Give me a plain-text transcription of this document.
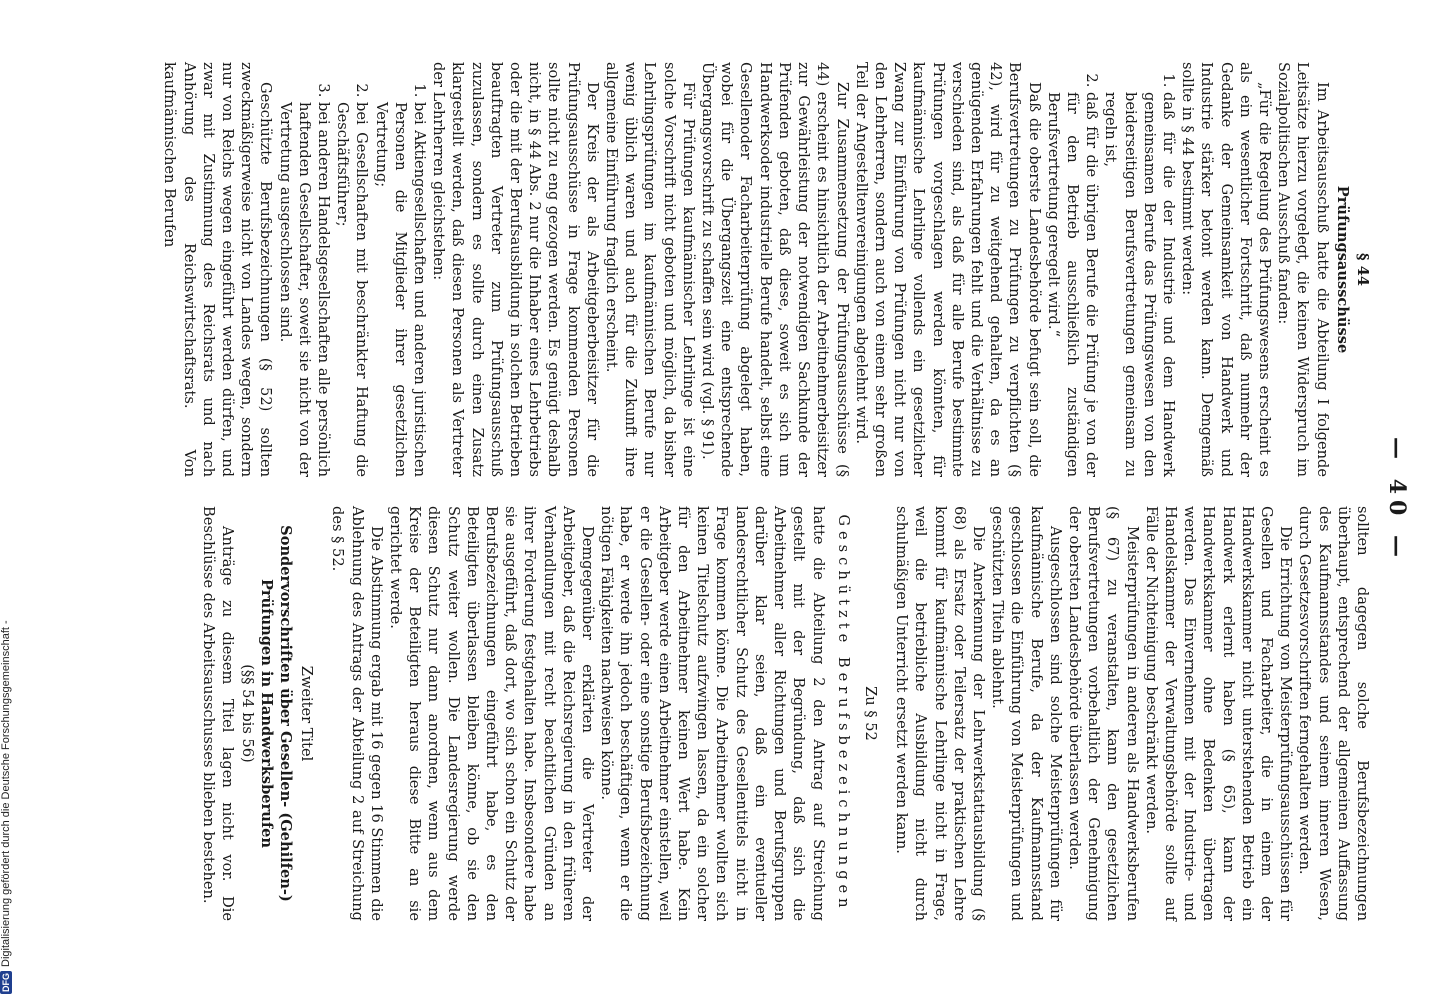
— 40 —
§ 44
Prüfungsausschüsse

Im Arbeitsausschuß hatte die Abteilung I folgende Leitsätze hierzu vorgelegt, die keinen Widerspruch im Sozialpolitischen Ausschuß fanden:

„Für die Regelung des Prüfungswesens erscheint es als ein wesentlicher Fortschritt, daß nunmehr der Gedanke der Gemeinsamkeit von Handwerk und Industrie stärker betont werden kann. Demgemäß sollte in § 44 bestimmt werden:

1. daß für die der Industrie und dem Handwerk gemeinsamen Berufe das Prüfungswesen von den beiderseitigen Berufsvertretungen gemeinsam zu regeln ist,
2. daß für die übrigen Berufe die Prüfung je von der für den Betrieb ausschließlich zuständigen Berufsvertretung geregelt wird.“

Daß die oberste Landesbehörde befugt sein soll, die Berufsvertretungen zu Prüfungen zu verpflichten (§ 42), wird für zu weitgehend gehalten, da es an genügenden Erfahrungen fehlt und die Verhältnisse zu verschieden sind, als daß für alle Berufe bestimmte Prüfungen vorgeschlagen werden könnten, für kaufmännische Lehrlinge vollends ein gesetzlicher Zwang zur Einführung von Prüfungen nicht nur von den Lehrherren, sondern auch von einem sehr großen Teil der Angestelltenvereinigungen abgelehnt wird.

Zur Zusammensetzung der Prüfungsausschüsse (§ 44) erscheint es hinsichtlich der Arbeitnehmerbeisitzer zur Gewährleistung der notwendigen Sachkunde der Prüfenden geboten, daß diese, soweit es sich um Handwerksoder industrielle Berufe handelt, selbst eine Gesellenoder Facharbeiterprüfung abgelegt haben, wobei für die Übergangszeit eine entsprechende Übergangsvorschrift zu schaffen sein wird (vgl. § 91).

Für Prüfungen kaufmännischer Lehrlinge ist eine solche Vorschrift nicht geboten und möglich, da bisher Lehrlingsprüfungen im kaufmännischen Berufe nur wenig üblich waren und auch für die Zukunft ihre allgemeine Einführung fraglich erscheint.

Der Kreis der als Arbeitgeberbeisitzer für die Prüfungsausschüsse in Frage kommenden Personen sollte nicht zu eng gezogen werden. Es genügt deshalb nicht, in § 44 Abs. 2 nur die Inhaber eines Lehrbetriebs oder die mit der Berufsausbildung in solchen Betrieben beauftragten Vertreter zum Prüfungsausschuß zuzulassen, sondern es sollte durch einen Zusatz klargestellt werden, daß diesen Personen als Vertreter der Lehrherren gleichstehen:

1. bei Aktiengesellschaften und anderen juristischen Personen die Mitglieder ihrer gesetzlichen Vertretung;
2. bei Gesellschaften mit beschränkter Haftung die Geschäftsführer;
3. bei anderen Handelsgesellschaften alle persönlich haftenden Gesellschafter, soweit sie nicht von der Vertretung ausgeschlossen sind.

Geschützte Berufsbezeichnungen (§ 52) sollten zweckmäßigerweise nicht von Landes wegen, sondern nur von Reichs wegen eingeführt werden dürfen, und zwar mit Zustimmung des Reichsrats und nach Anhörung des Reichswirtschaftsrats. Von kaufmännischen Berufen

sollten dagegen solche Berufsbezeichnungen überhaupt, entsprechend der allgemeinen Auffassung des Kaufmannsstandes und seinem inneren Wesen, durch Gesetzesvorschriften ferngehalten werden.

Die Errichtung von Meisterprüfungsausschüssen für Gesellen und Facharbeiter, die in einem der Handwerkskammer nicht unterstehenden Betrieb ein Handwerk erlernt haben (§ 65), kann der Handwerkskammer ohne Bedenken übertragen werden. Das Einvernehmen mit der Industrie- und Handelskammer der Verwaltungsbehörde sollte auf Fälle der Nichteinigung beschränkt werden.

Meisterprüfungen in anderen als Handwerksberufen (§ 67) zu veranstalten, kann den gesetzlichen Berufsvertretungen vorbehaltlich der Genehmigung der obersten Landesbehörde überlassen werden.

Ausgeschlossen sind solche Meisterprüfungen für kaufmännische Berufe, da der Kaufmannsstand geschlossen die Einführung von Meisterprüfungen und geschützten Titeln ablehnt.

Die Anerkennung der Lehrwerkstattausbildung (§ 68) als Ersatz oder Teilersatz der praktischen Lehre kommt für kaufmännische Lehrlinge nicht in Frage, weil die betriebliche Ausbildung nicht durch schulmäßigen Unterricht ersetzt werden kann.

Zu § 52

Geschützte Berufsbezeichnungen

hatte die Abteilung 2 den Antrag auf Streichung gestellt mit der Begründung, daß sich die Arbeitnehmer aller Richtungen und Berufsgruppen darüber klar seien, daß ein eventueller landesrechtlicher Schutz des Gesellentitels nicht in Frage kommen könne. Die Arbeitnehmer wollten sich keinen Titelschutz aufzwingen lassen, da ein solcher für den Arbeitnehmer keinen Wert habe. Kein Arbeitgeber werde einen Arbeitnehmer einstellen, weil er die Gesellen- oder eine sonstige Berufsbezeichnung habe, er werde ihn jedoch beschäftigen, wenn er die nötigen Fähigkeiten nachweisen könne.

Demgegenüber erklärten die Vertreter der Arbeitgeber, daß die Reichsregierung in den früheren Verhandlungen mit recht beachtlichen Gründen an ihrer Forderung festgehalten habe. Insbesondere habe sie ausgeführt, daß dort, wo sich schon ein Schutz der Berufsbezeichnungen eingeführt habe, es den Beteiligten überlassen bleiben könne, ob sie den Schutz weiter wollen. Die Landesregierung werde diesen Schutz nur dann anordnen, wenn aus dem Kreise der Beteiligten heraus diese Bitte an sie gerichtet werde.

Die Abstimmung ergab mit 16 gegen 16 Stimmen die Ablehnung des Antrags der Abteilung 2 auf Streichung des § 52.

Zweiter Titel

Sondervorschriften über Gesellen- (Gehilfen-) Prüfungen in Handwerksberufen

(§§ 54 bis 56)

Anträge zu diesem Titel lagen nicht vor. Die Beschlüsse des Arbeitsausschusses blieben bestehen.

DFG
Digitalisierung gefördert durch die Deutsche Forschungsgemeinschaft -
